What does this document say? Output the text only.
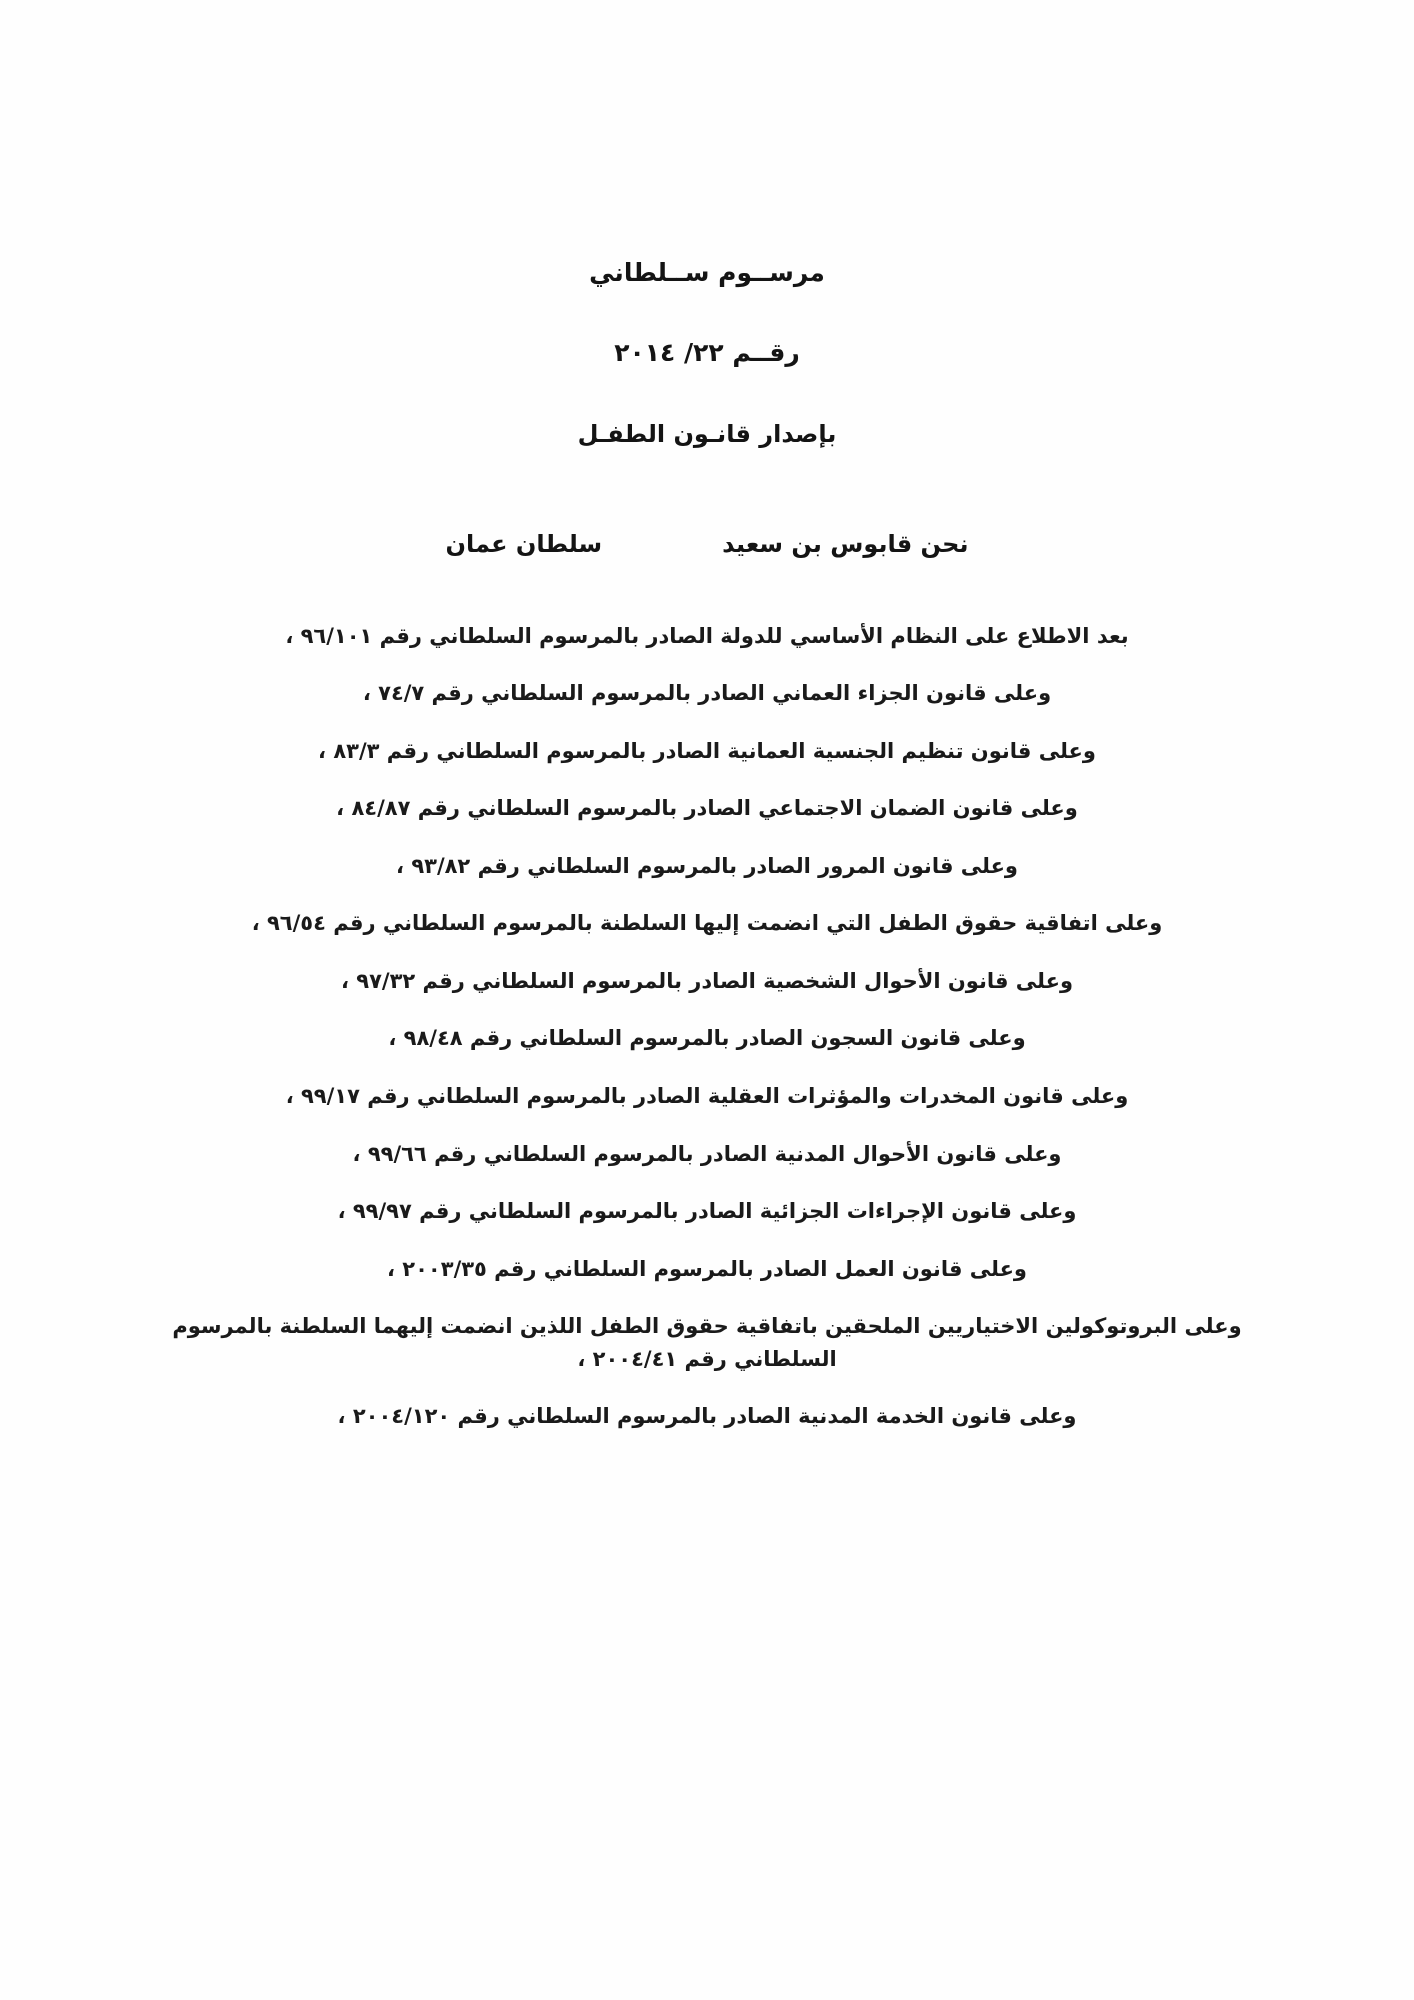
مرســوم ســلطاني
رقــم ٢٢/ ٢٠١٤
بإصدار قانـون الطفـل
نحن قابوس بن سعيد
سلطان عمان

بعد الاطلاع على النظام الأساسي للدولة الصادر بالمرسوم السلطاني رقم ٩٦/١٠١ ،

وعلى قانون الجزاء العماني الصادر بالمرسوم السلطاني رقم ٧٤/٧ ،

وعلى قانون تنظيم الجنسية العمانية الصادر بالمرسوم السلطاني رقم ٨٣/٣ ،

وعلى قانون الضمان الاجتماعي الصادر بالمرسوم السلطاني رقم ٨٤/٨٧ ،

وعلى قانون المرور الصادر بالمرسوم السلطاني رقم ٩٣/٨٢ ،

وعلى اتفاقية حقوق الطفل التي انضمت إليها السلطنة بالمرسوم السلطاني رقم ٩٦/٥٤ ،

وعلى قانون الأحوال الشخصية الصادر بالمرسوم السلطاني رقم ٩٧/٣٢ ،

وعلى قانون السجون الصادر بالمرسوم السلطاني رقم ٩٨/٤٨ ،

وعلى قانون المخدرات والمؤثرات العقلية الصادر بالمرسوم السلطاني رقم ٩٩/١٧ ،

وعلى قانون الأحوال المدنية الصادر بالمرسوم السلطاني رقم ٩٩/٦٦ ،

وعلى قانون الإجراءات الجزائية الصادر بالمرسوم السلطاني رقم ٩٩/٩٧ ،

وعلى قانون العمل الصادر بالمرسوم السلطاني رقم ٢٠٠٣/٣٥ ،

وعلى البروتوكولين الاختياريين الملحقين باتفاقية حقوق الطفل اللذين انضمت إليهما السلطنة بالمرسوم السلطاني رقم ٢٠٠٤/٤١ ،

وعلى قانون الخدمة المدنية الصادر بالمرسوم السلطاني رقم ٢٠٠٤/١٢٠ ،
